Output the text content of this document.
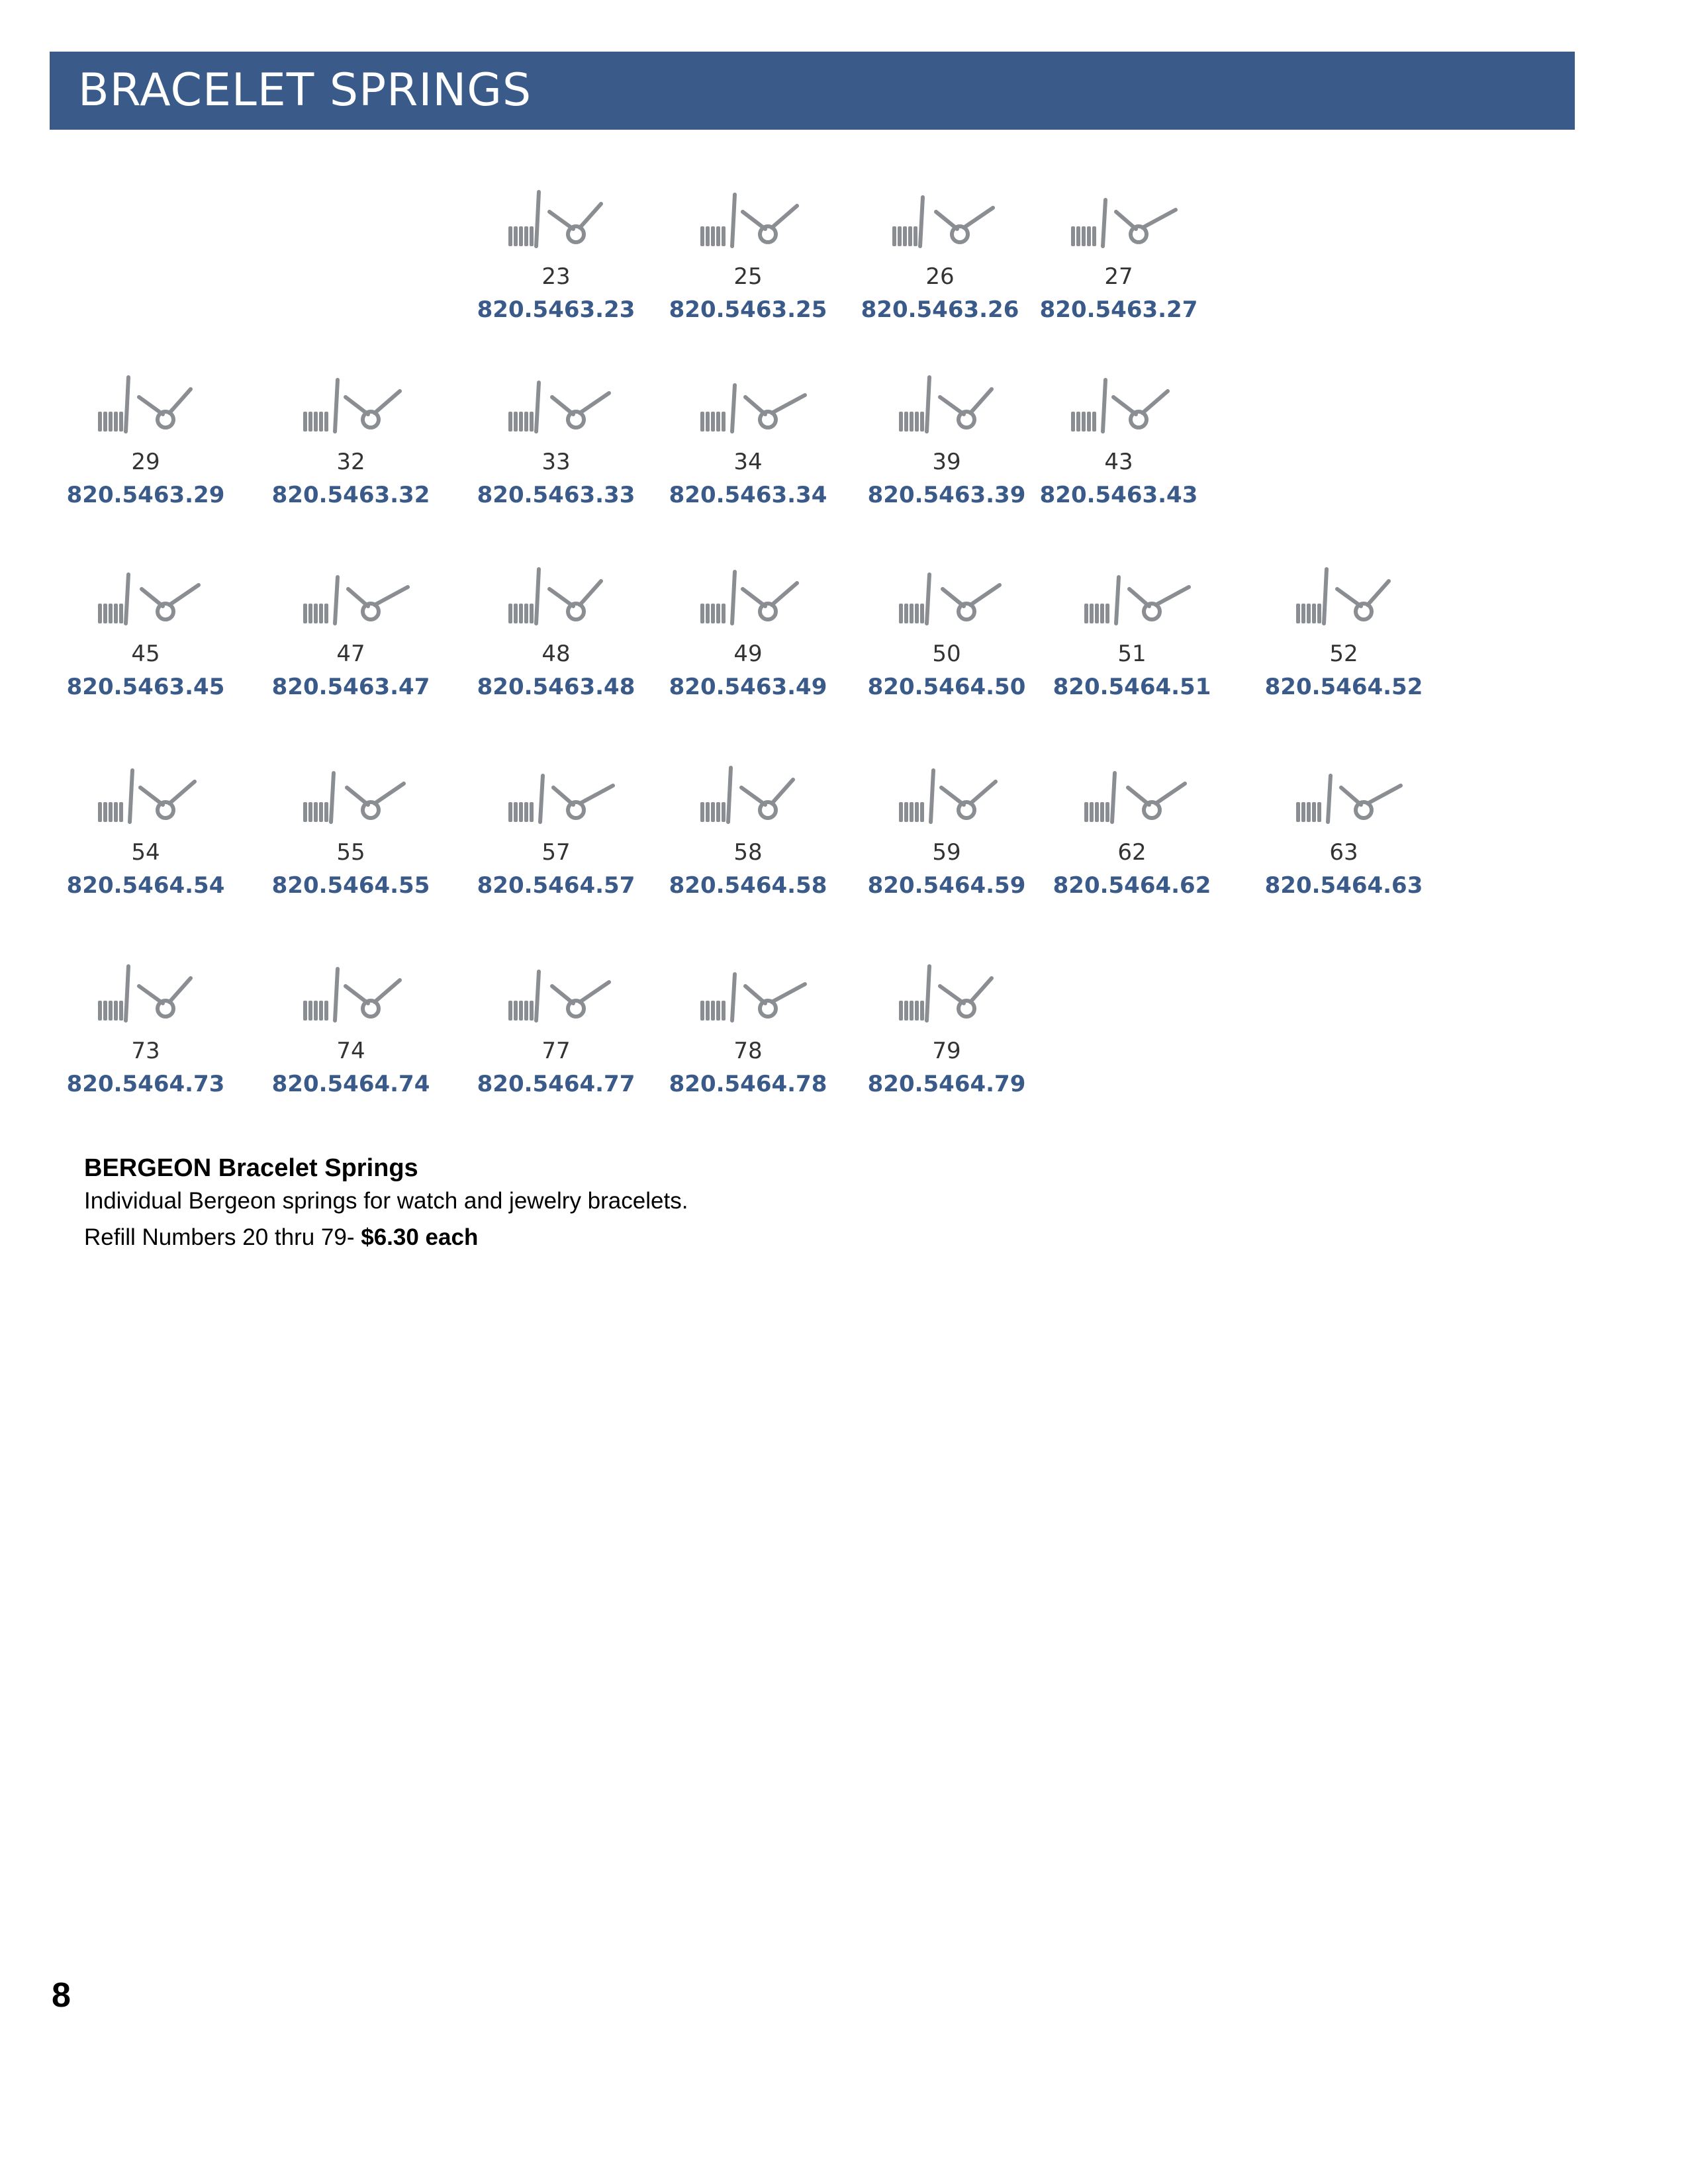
BRACELET SPRINGS
23
820.5463.23
25
820.5463.25
26
820.5463.26
27
820.5463.27
29
820.5463.29
32
820.5463.32
33
820.5463.33
34
820.5463.34
39
820.5463.39
43
820.5463.43
45
820.5463.45
47
820.5463.47
48
820.5463.48
49
820.5463.49
50
820.5464.50
51
820.5464.51
52
820.5464.52
54
820.5464.54
55
820.5464.55
57
820.5464.57
58
820.5464.58
59
820.5464.59
62
820.5464.62
63
820.5464.63
73
820.5464.73
74
820.5464.74
77
820.5464.77
78
820.5464.78
79
820.5464.79
BERGEON Bracelet Springs
Individual Bergeon springs for watch and jewelry bracelets.
Refill Numbers 20 thru 79- $6.30 each
8
